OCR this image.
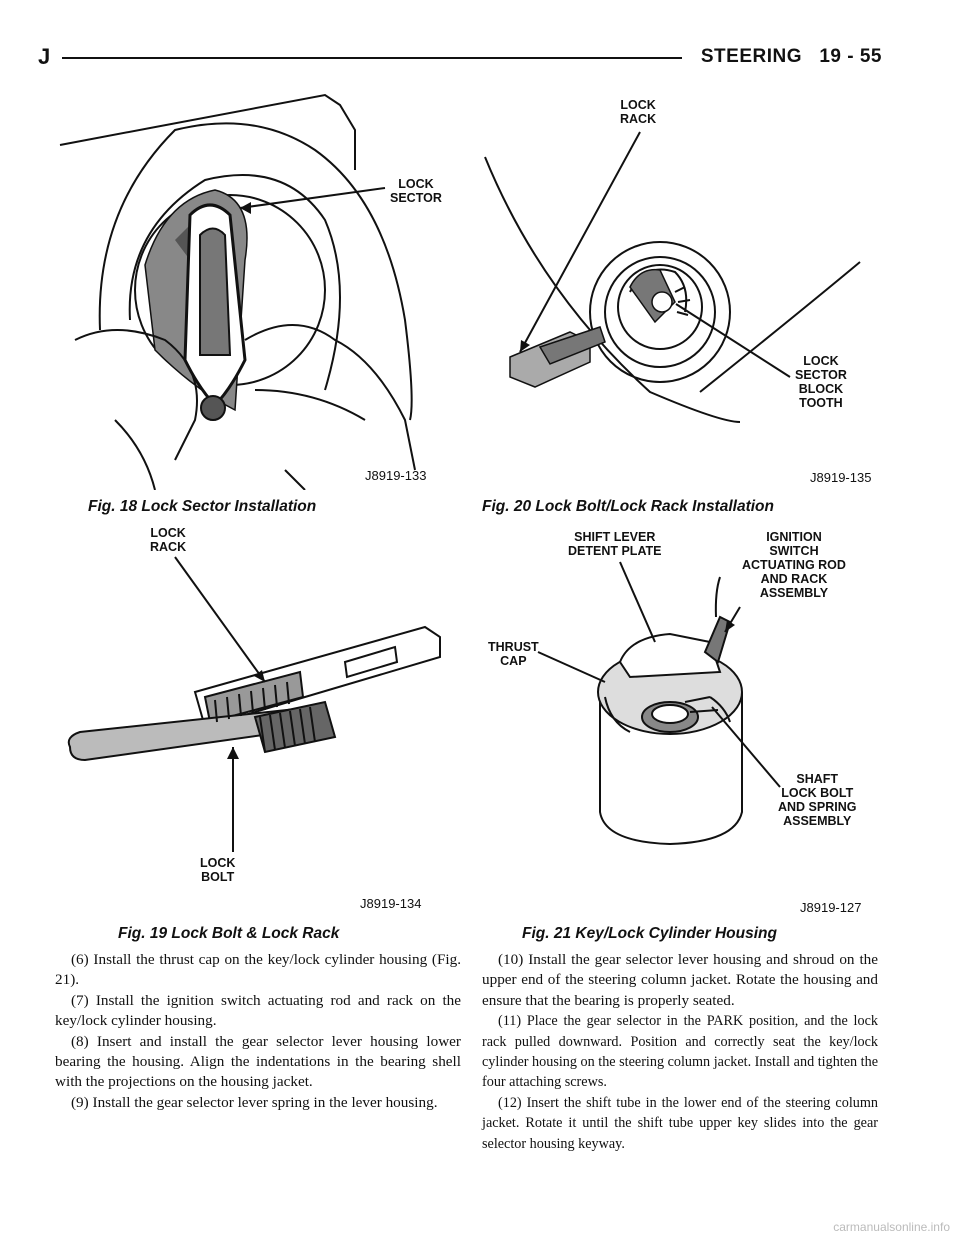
J	STEERING 19 - 55
LOCK
SECTOR
J8919-133
Fig. 18 Lock Sector Installation
LOCK
RACK
LOCK
SECTOR
BLOCK
TOOTH
J8919-135
Fig. 20 Lock Bolt/Lock Rack Installation
LOCK
RACK
LOCK
BOLT
J8919-134
Fig. 19 Lock Bolt & Lock Rack
SHIFT LEVER
DETENT PLATE
IGNITION
SWITCH
ACTUATING ROD
AND RACK
ASSEMBLY
THRUST
CAP
SHAFT
LOCK BOLT
AND SPRING
ASSEMBLY
J8919-127
Fig. 21 Key/Lock Cylinder Housing

(6) Install the thrust cap on the key/lock cylinder housing (Fig. 21).

(7) Install the ignition switch actuating rod and rack on the key/lock cylinder housing.

(8) Insert and install the gear selector lever housing lower bearing the housing. Align the indentations in the bearing shell with the projections on the housing jacket.

(9) Install the gear selector lever spring in the lever housing.

(10) Install the gear selector lever housing and shroud on the upper end of the steering column jacket. Rotate the housing and ensure that the bearing is properly seated.

(11) Place the gear selector in the PARK position, and the lock rack pulled downward. Position and correctly seat the key/lock cylinder housing on the steering column jacket. Install and tighten the four attaching screws.

(12) Insert the shift tube in the lower end of the steering column jacket. Rotate it until the shift tube upper key slides into the gear selector housing keyway.

carmanualsonline.info
